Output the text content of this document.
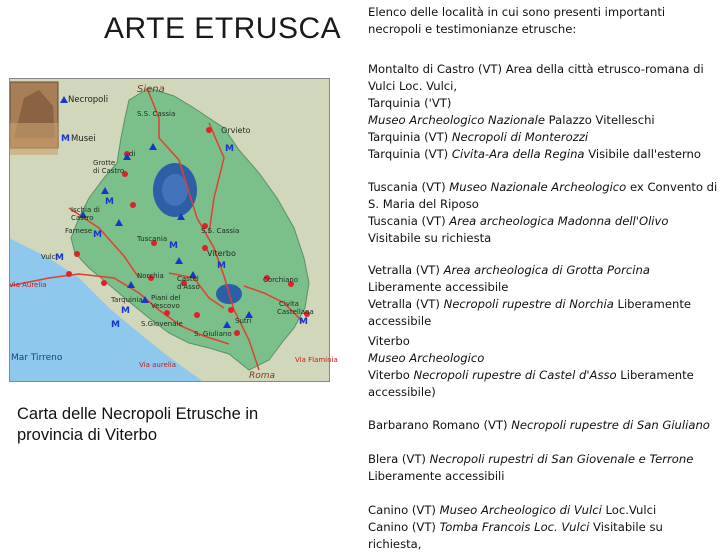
ARTE ETRUSCA
Necropoli
M Musei
Siena
S.S. Cassia
Orvieto
M
di
Grotte
di Castro
Ischia di
Castro
M
Farnese M	Tuscania
M
S.S. Cassia
Viterbo
M
Vulci
M
Via Aurelia
Norchia Castel
d'Asso
Tarquinia
M
Piani del
Vescovo
M	S.Giovenale	Sutri
S. Giuliano
Corchiano
Civita
Castellana
M
Mar Tirreno
Via aurelia
Via Flaminia
Roma
Carta delle Necropoli Etrusche in provincia di Viterbo
Elenco delle località in cui sono presenti importanti necropoli e testimonianze etrusche:
Montalto di Castro (VT) Area della città etrusco-romana di Vulci Loc. Vulci,
Tarquinia ('VT)
Museo Archeologico Nazionale Palazzo Vitelleschi
Tarquinia (VT) Necropoli di Monterozzi
Tarquinia (VT) Civita-Ara della Regina Visibile dall'esterno
Tuscania (VT) Museo Nazionale Archeologico ex Convento di S. Maria del Riposo
Tuscania (VT) Area archeologica Madonna dell'Olivo Visitabile su richiesta
Vetralla (VT) Area archeologica di Grotta Porcina Liberamente accessibile
Vetralla (VT) Necropoli rupestre di Norchia Liberamente accessibile
Viterbo
Museo Archeologico
Viterbo Necropoli rupestre di Castel d'Asso Liberamente accessibile)
Barbarano Romano (VT) Necropoli rupestre di San Giuliano
Blera (VT) Necropoli rupestri di San Giovenale e Terrone Liberamente accessibili
Canino (VT) Museo Archeologico di Vulci Loc.Vulci
Canino (VT) Tomba Francois Loc. Vulci Visitabile su richiesta,
